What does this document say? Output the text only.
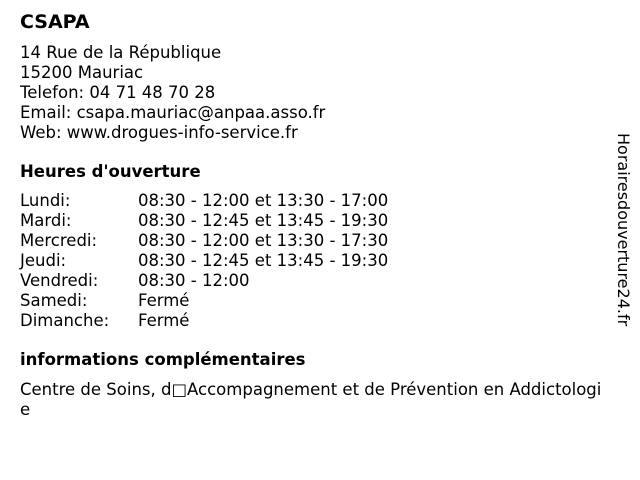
CSAPA
14 Rue de la République
15200 Mauriac
Telefon: 04 71 48 70 28
Email: csapa.mauriac@anpaa.asso.fr
Web: www.drogues-info-service.fr
Heures d'ouverture
Lundi:	08:30 - 12:00 et 13:30 - 17:00
Mardi:	08:30 - 12:45 et 13:45 - 19:30
Mercredi:	08:30 - 12:00 et 13:30 - 17:30
Jeudi:	08:30 - 12:45 et 13:45 - 19:30
Vendredi:	08:30 - 12:00
Samedi:	Fermé
Dimanche:	Fermé
informations complémentaires
Centre de Soins, d□Accompagnement et de Prévention en Addictologie
Horairesdouverture24.fr
